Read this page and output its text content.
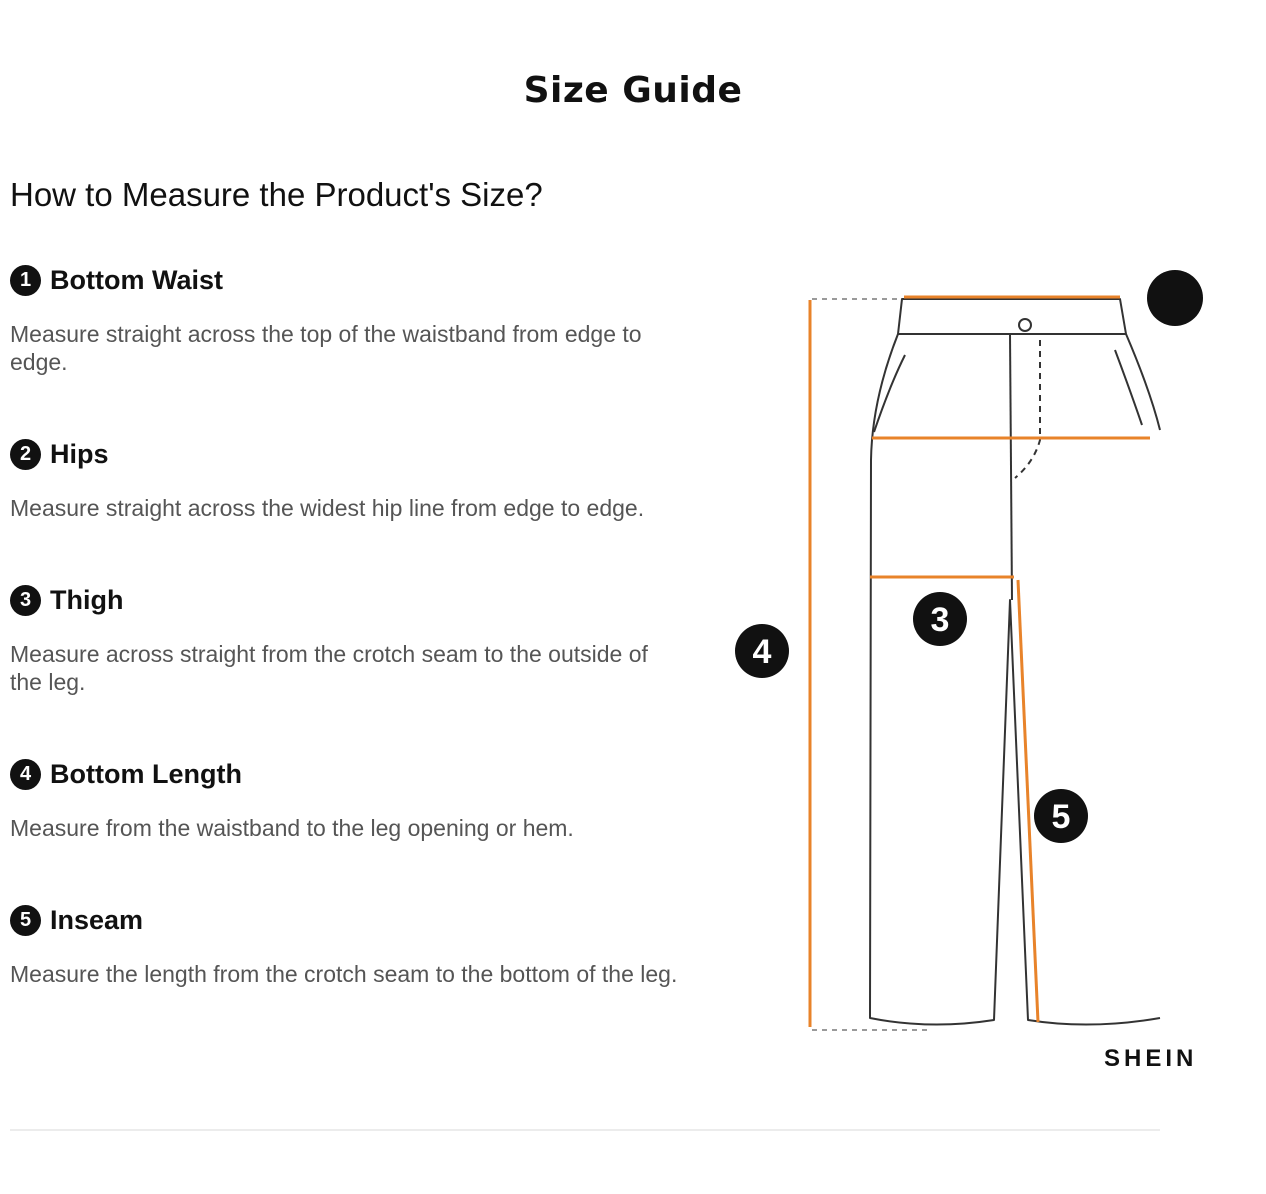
Size Guide
How to Measure the Product's Size?
1 Bottom Waist
Measure straight across the top of the waistband from edge to edge.
2 Hips
Measure straight across the widest hip line from edge to edge.
3 Thigh
Measure across straight from the crotch seam to the outside of the leg.
4 Bottom Length
Measure from the waistband to the leg opening or hem.
5 Inseam
Measure the length from the crotch seam to the bottom of the leg.
3
4
5
SHEIN
